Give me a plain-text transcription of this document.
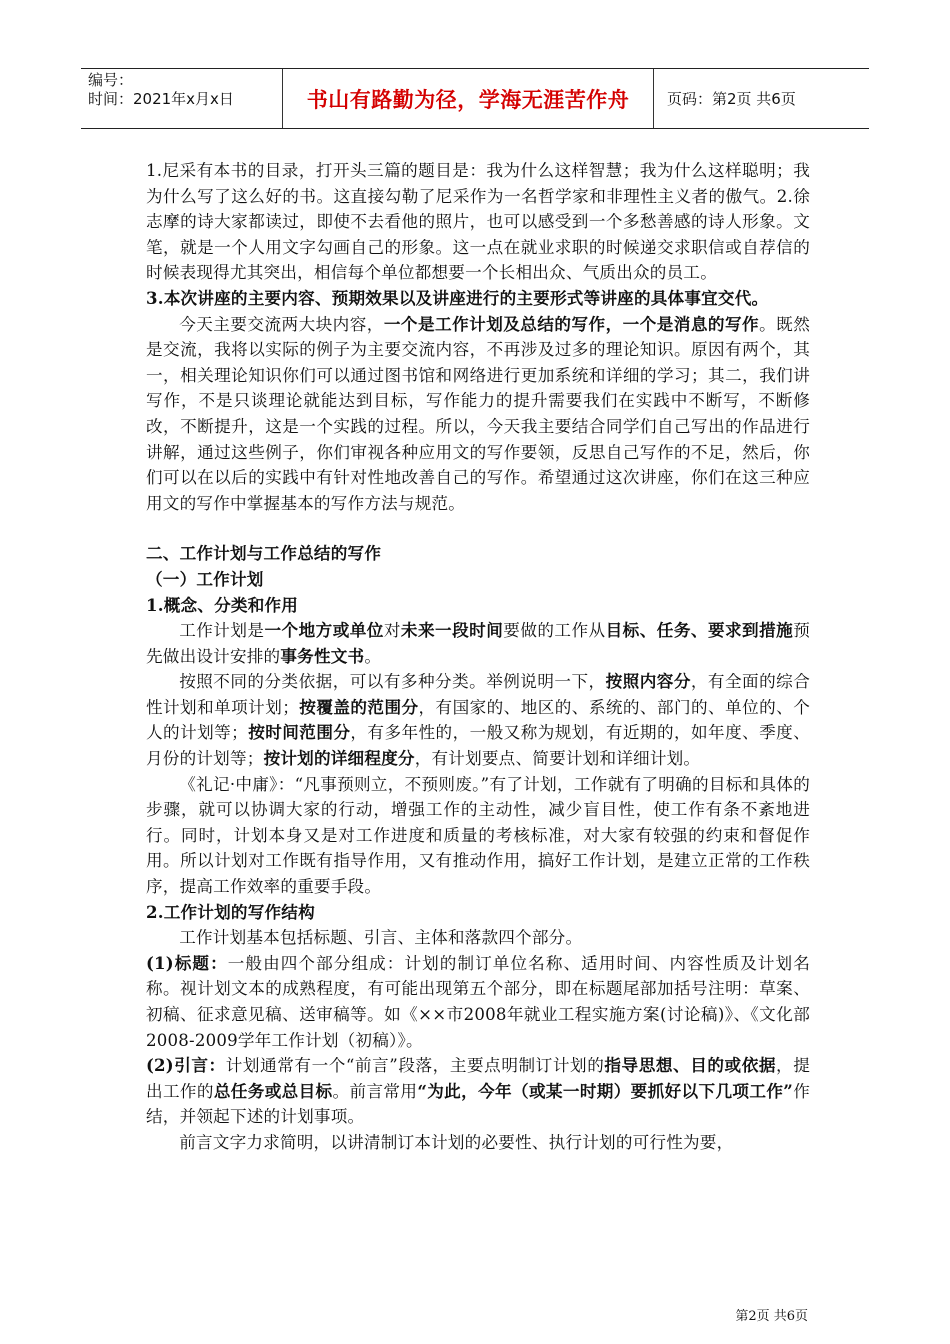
编号：
时间：2021年x月x日	书山有路勤为径，学海无涯苦作舟	页码：第2页 共6页

1.尼采有本书的目录，打开头三篇的题目是：我为什么这样智慧；我为什么这样聪明；我为什么写了这么好的书。这直接勾勒了尼采作为一名哲学家和非理性主义者的傲气。2.徐志摩的诗大家都读过，即使不去看他的照片，也可以感受到一个多愁善感的诗人形象。文笔，就是一个人用文字勾画自己的形象。这一点在就业求职的时候递交求职信或自荐信的时候表现得尤其突出，相信每个单位都想要一个长相出众、气质出众的员工。

3.本次讲座的主要内容、预期效果以及讲座进行的主要形式等讲座的具体事宜交代。

今天主要交流两大块内容，一个是工作计划及总结的写作，一个是消息的写作。既然是交流，我将以实际的例子为主要交流内容，不再涉及过多的理论知识。原因有两个，其一，相关理论知识你们可以通过图书馆和网络进行更加系统和详细的学习；其二，我们讲写作，不是只谈理论就能达到目标，写作能力的提升需要我们在实践中不断写，不断修改，不断提升，这是一个实践的过程。所以，今天我主要结合同学们自己写出的作品进行讲解，通过这些例子，你们审视各种应用文的写作要领，反思自己写作的不足，然后，你们可以在以后的实践中有针对性地改善自己的写作。希望通过这次讲座，你们在这三种应用文的写作中掌握基本的写作方法与规范。

二、工作计划与工作总结的写作

（一）工作计划

1.概念、分类和作用

工作计划是一个地方或单位对未来一段时间要做的工作从目标、任务、要求到措施预先做出设计安排的事务性文书。

按照不同的分类依据，可以有多种分类。举例说明一下，按照内容分，有全面的综合性计划和单项计划；按覆盖的范围分，有国家的、地区的、系统的、部门的、单位的、个人的计划等；按时间范围分，有多年性的，一般又称为规划，有近期的，如年度、季度、月份的计划等；按计划的详细程度分，有计划要点、简要计划和详细计划。

《礼记·中庸》：“凡事预则立，不预则废。”有了计划，工作就有了明确的目标和具体的步骤，就可以协调大家的行动，增强工作的主动性，减少盲目性，使工作有条不紊地进行。同时，计划本身又是对工作进度和质量的考核标准，对大家有较强的约束和督促作用。所以计划对工作既有指导作用，又有推动作用，搞好工作计划，是建立正常的工作秩序，提高工作效率的重要手段。

2.工作计划的写作结构

工作计划基本包括标题、引言、主体和落款四个部分。

(1)标题：一般由四个部分组成：计划的制订单位名称、适用时间、内容性质及计划名称。视计划文本的成熟程度，有可能出现第五个部分，即在标题尾部加括号注明：草案、初稿、征求意见稿、送审稿等。如《××市2008年就业工程实施方案(讨论稿)》、《文化部2008-2009学年工作计划（初稿）》。

(2)引言：计划通常有一个“前言”段落，主要点明制订计划的指导思想、目的或依据，提出工作的总任务或总目标。前言常用“为此，今年（或某一时期）要抓好以下几项工作”作结，并领起下述的计划事项。

前言文字力求简明，以讲清制订本计划的必要性、执行计划的可行性为要，

第2页 共6页
